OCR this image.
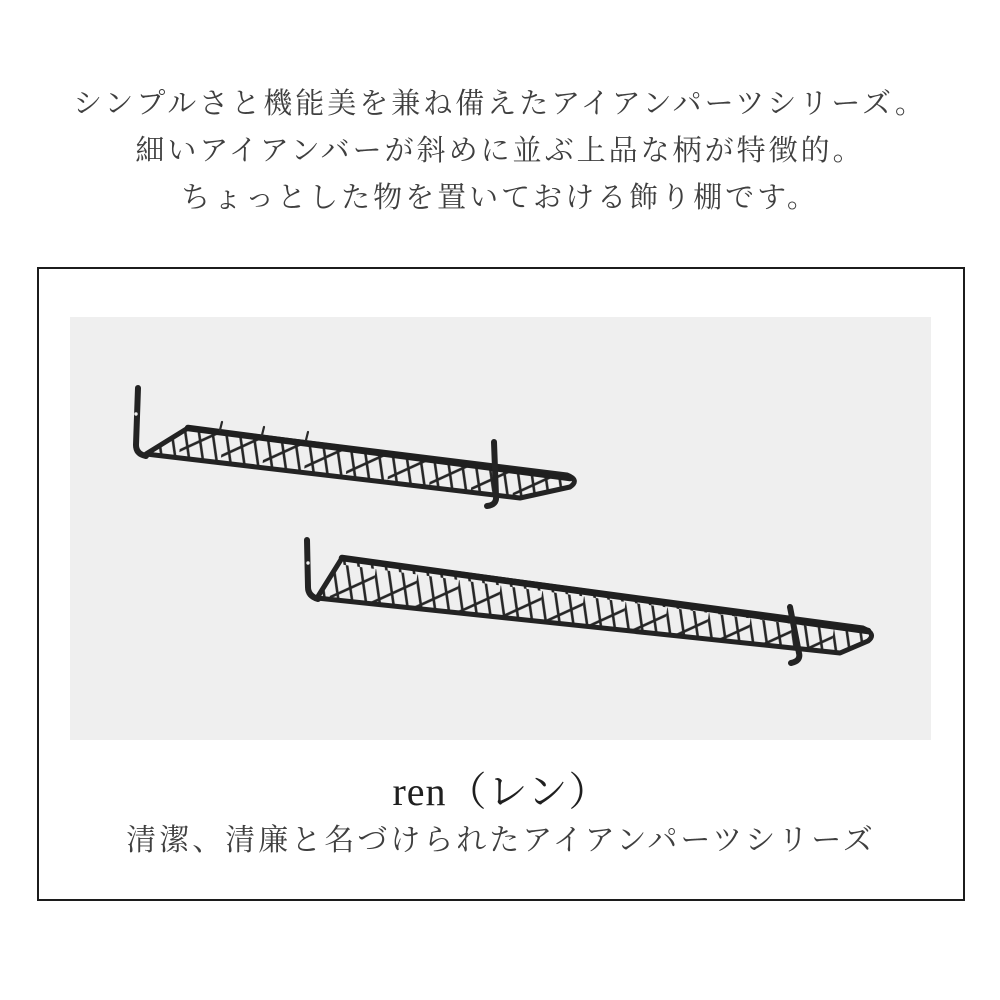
シンプルさと機能美を兼ね備えたアイアンパーツシリーズ。

細いアイアンバーが斜めに並ぶ上品な柄が特徴的。

ちょっとした物を置いておける飾り棚です。

ren（レン）
清潔、清廉と名づけられたアイアンパーツシリーズ
